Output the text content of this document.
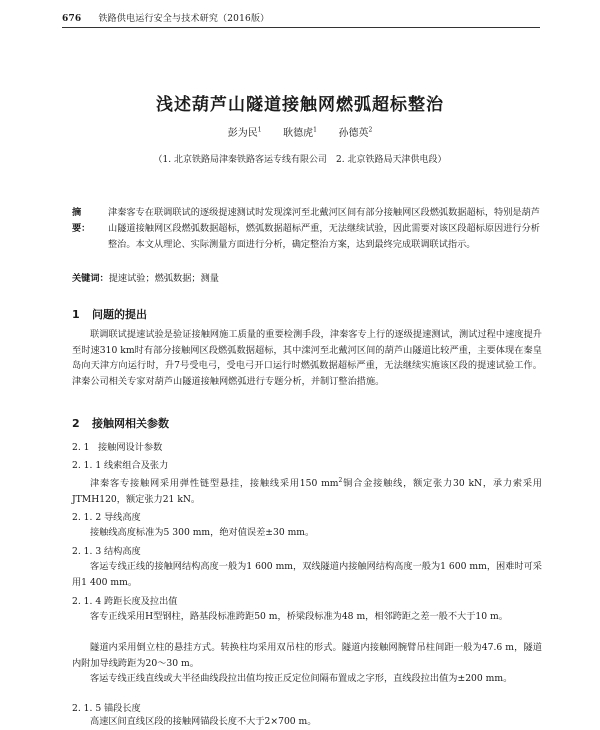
676 铁路供电运行安全与技术研究（2016版）
浅述葫芦山隧道接触网燃弧超标整治
彭为民$^1$ 耿德虎$^1$ 孙德英$^2$
（1. 北京铁路局津秦铁路客运专线有限公司　2. 北京铁路局天津供电段）
摘　要：
津秦客专在联调联试的逐级提速测试时发现滦河至北戴河区间有部分接触网区段燃弧数据超标，特别是葫芦山隧道接触网区段燃弧数据超标，燃弧数据超标严重，无法继续试验，因此需要对该区段超标原因进行分析整治。本文从理论、实际测量方面进行分析，确定整治方案，达到最终完成联调联试指示。
关键词：提速试验；燃弧数据；测量
1 问题的提出
联调联试提速试验是验证接触网施工质量的重要检测手段，津秦客专上行的逐级提速测试，测试过程中速度提升至时速310 km时有部分接触网区段燃弧数据超标，其中滦河至北戴河区间的葫芦山隧道比较严重，主要体现在秦皇岛向天津方向运行时，升7号受电弓，受电弓开口运行时燃弧数据超标严重，无法继续实施该区段的提速试验工作。津秦公司相关专家对葫芦山隧道接触网燃弧进行专题分析，并制订整治措施。
2 接触网相关参数
2. 1 接触网设计参数
2. 1. 1 线索组合及张力
津秦客专接触网采用弹性链型悬挂，接触线采用150 $mm^2$铜合金接触线，额定张力30 kN，承力索采用JTMH120，额定张力21 kN。
2. 1. 2 导线高度
接触线高度标准为5 300 mm，绝对值误差±30 mm。
2. 1. 3 结构高度
客运专线正线的接触网结构高度一般为1 600 mm，双线隧道内接触网结构高度一般为1 600 mm，困难时可采用1 400 mm。
2. 1. 4 跨距长度及拉出值
客专正线采用H型钢柱，路基段标准跨距50 m，桥梁段标准为48 m，相邻跨距之差一般不大于10 m。
隧道内采用倒立柱的悬挂方式。转换柱均采用双吊柱的形式。隧道内接触网腕臂吊柱间距一般为47.6 m，隧道内附加导线跨距为20～30 m。
客运专线正线直线或大半径曲线段拉出值均按正反定位间隔布置成之字形，直线段拉出值为±200 mm。
2. 1. 5 锚段长度
高速区间直线区段的接触网锚段长度不大于2×700 m。
